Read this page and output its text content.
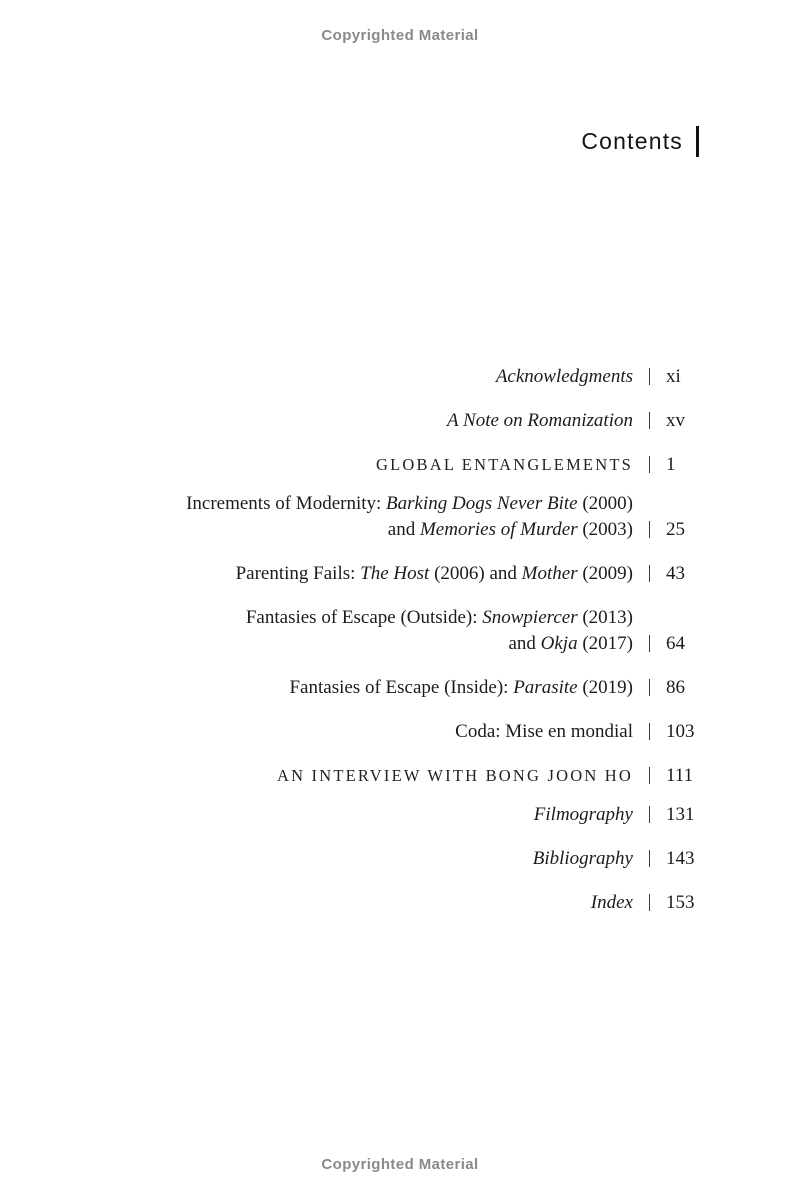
Copyrighted Material
Contents
Acknowledgments xi
A Note on Romanization xv
GLOBAL ENTANGLEMENTS 1
Increments of Modernity: Barking Dogs Never Bite (2000)
and Memories of Murder (2003) 25
Parenting Fails: The Host (2006) and Mother (2009) 43
Fantasies of Escape (Outside): Snowpiercer (2013)
and Okja (2017) 64
Fantasies of Escape (Inside): Parasite (2019) 86
Coda: Mise en mondial 103
AN INTERVIEW WITH BONG JOON HO 111
Filmography 131
Bibliography 143
Index 153
Copyrighted Material
